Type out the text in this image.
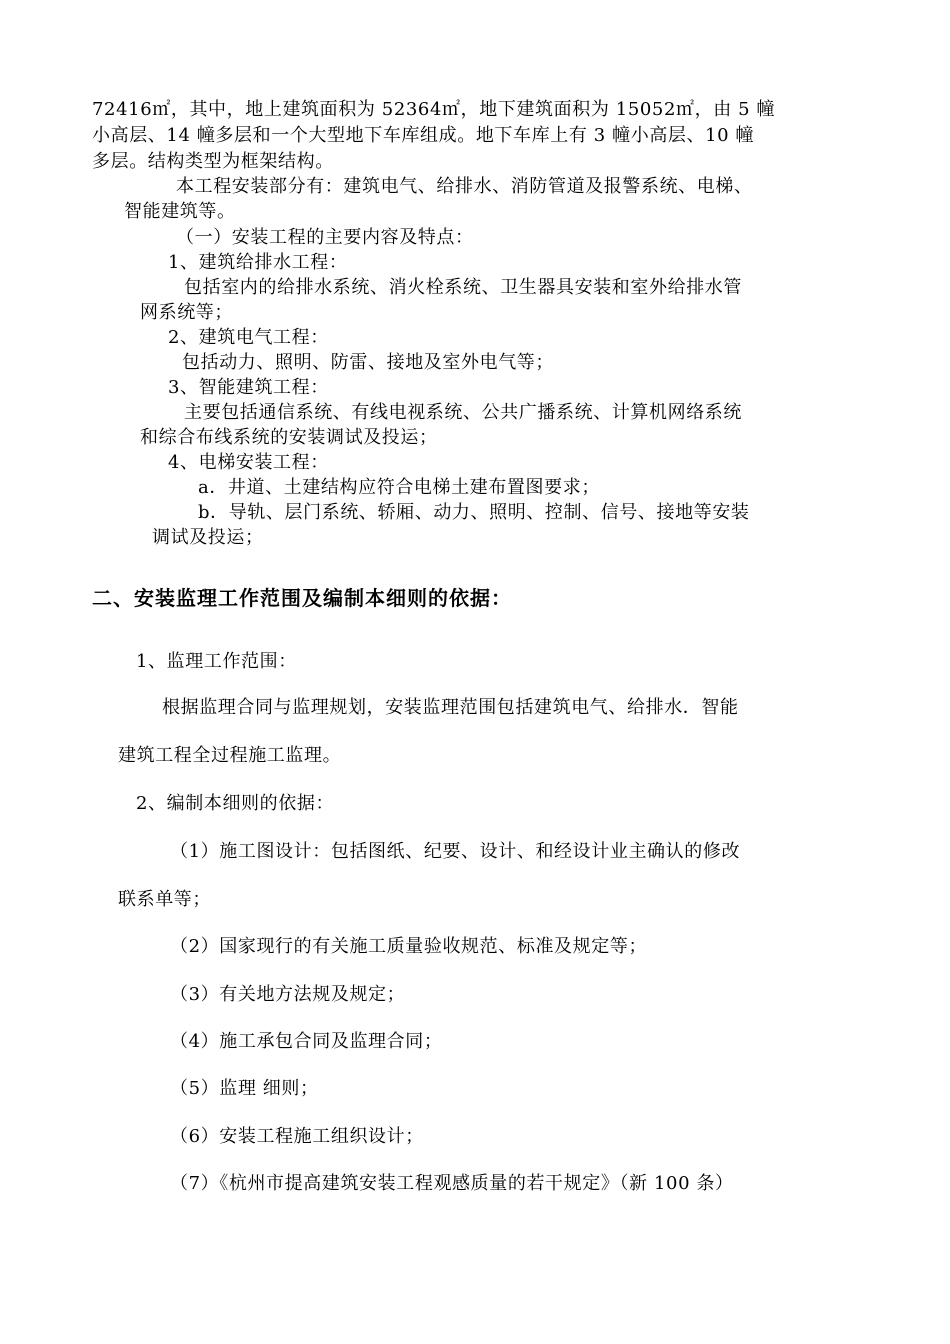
72416㎡，其中，地上建筑面积为 52364㎡，地下建筑面积为 15052㎡，由 5 幢
小高层、14 幢多层和一个大型地下车库组成。地下车库上有 3 幢小高层、10 幢
多层。结构类型为框架结构。
本工程安装部分有：建筑电气、给排水、消防管道及报警系统、电梯、
智能建筑等。
（一）安装工程的主要内容及特点：
1、建筑给排水工程：
包括室内的给排水系统、消火栓系统、卫生器具安装和室外给排水管
网系统等；
2、建筑电气工程：
包括动力、照明、防雷、接地及室外电气等；
3、智能建筑工程：
主要包括通信系统、有线电视系统、公共广播系统、计算机网络系统
和综合布线系统的安装调试及投运；
4、电梯安装工程：
a．井道、土建结构应符合电梯土建布置图要求；
b．导轨、层门系统、轿厢、动力、照明、控制、信号、接地等安装
调试及投运；
二、安装监理工作范围及编制本细则的依据：
1、监理工作范围：
根据监理合同与监理规划，安装监理范围包括建筑电气、给排水．智能
建筑工程全过程施工监理。
2、编制本细则的依据：
（1）施工图设计：包括图纸、纪要、设计、和经设计业主确认的修改
联系单等；
（2）国家现行的有关施工质量验收规范、标准及规定等；
（3）有关地方法规及规定；
（4）施工承包合同及监理合同；
（5）监理 细则；
（6）安装工程施工组织设计；
（7）《杭州市提高建筑安装工程观感质量的若干规定》（新 100 条）
